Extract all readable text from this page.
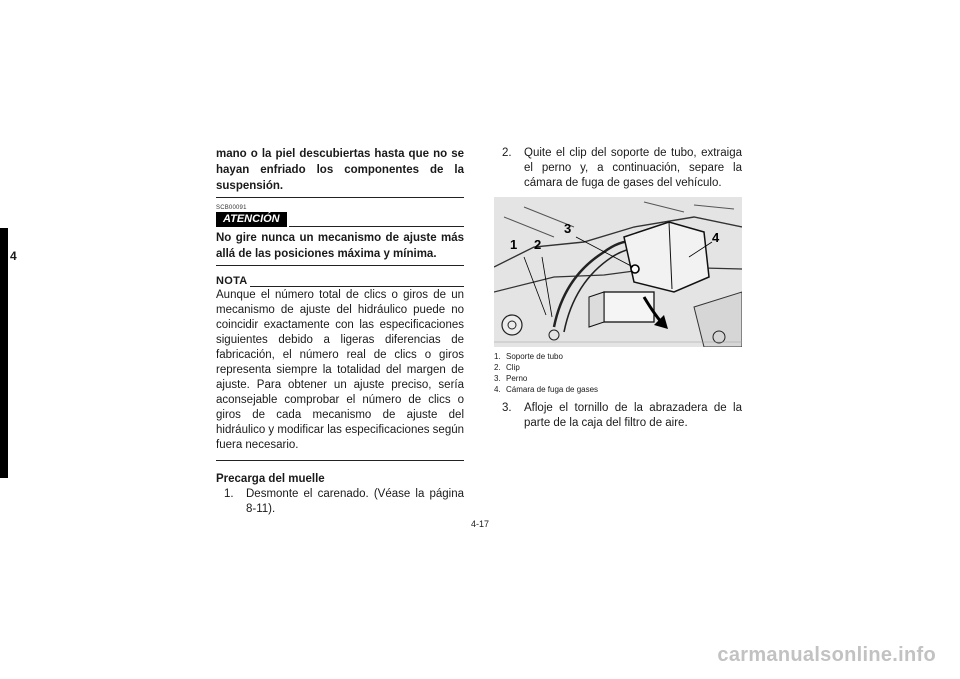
4

mano o la piel descubiertas hasta que no se hayan enfriado los componentes de la suspensión.

SCB00091
ATENCIÓN

No gire nunca un mecanismo de ajuste más allá de las posiciones máxima y mínima.

NOTA

Aunque el número total de clics o giros de un mecanismo de ajuste del hidráulico puede no coincidir exactamente con las especificaciones siguientes debido a ligeras diferencias de fabricación, el número real de clics o giros representa siempre la totalidad del margen de ajuste. Para obtener un ajuste preciso, sería aconsejable comprobar el número de clics o giros de cada mecanismo de ajuste del hidráulico y modificar las especificaciones según fuera necesario.

Precarga del muelle

1.	Desmonte el carenado. (Véase la página 8-11).
2.	Quite el clip del soporte de tubo, extraiga el perno y, a continuación, separe la cámara de fuga de gases del vehículo.
1 2
3
4
1. Soporte de tubo
2. Clip
3. Perno
4. Cámara de fuga de gases
3.	Afloje el tornillo de la abrazadera de la parte de la caja del filtro de aire.
4-17
carmanualsonline.info
